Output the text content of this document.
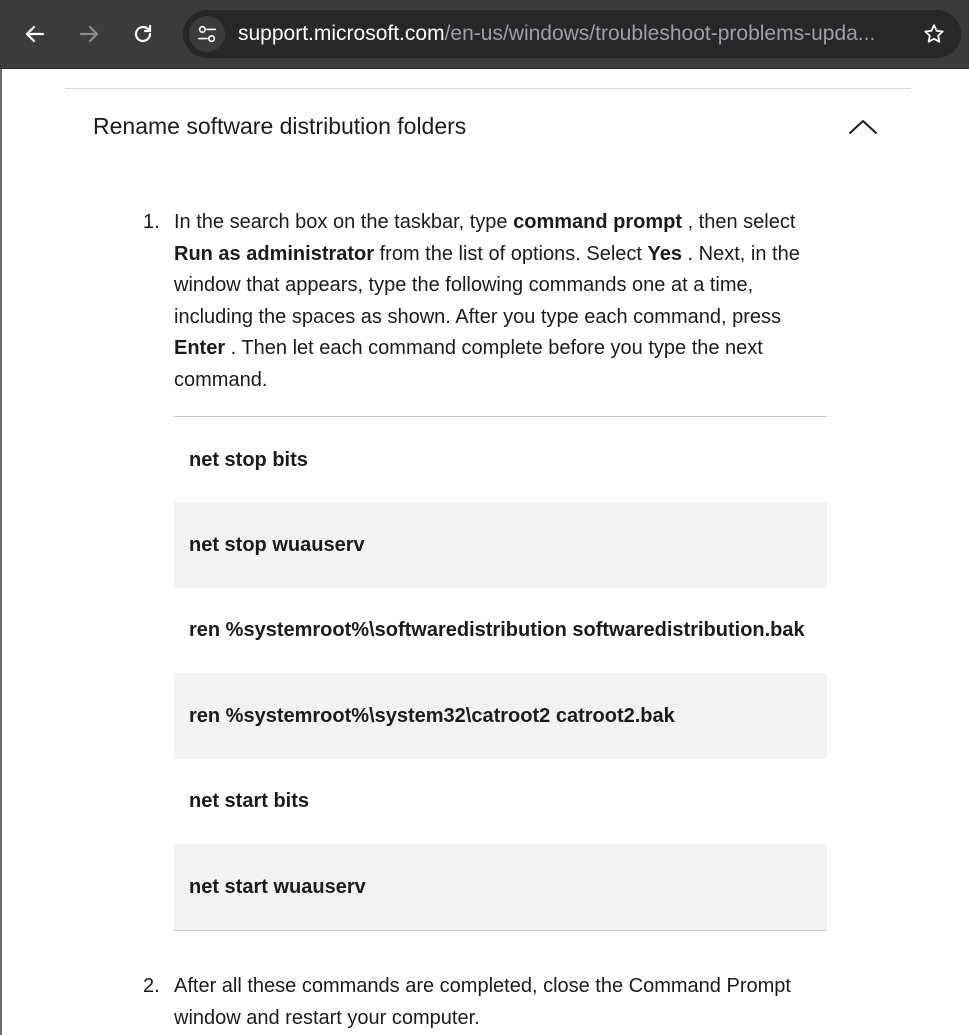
support.microsoft.com/en-us/windows/troubleshoot-problems-upda...
Rename software distribution folders
1. In the search box on the taskbar, type command prompt , then select Run as administrator from the list of options. Select Yes . Next, in the window that appears, type the following commands one at a time, including the spaces as shown. After you type each command, press Enter . Then let each command complete before you type the next command.
net stop bits
net stop wuauserv
ren %systemroot%\softwaredistribution softwaredistribution.bak
ren %systemroot%\system32\catroot2 catroot2.bak
net start bits
net start wuauserv
2. After all these commands are completed, close the Command Prompt window and restart your computer.
